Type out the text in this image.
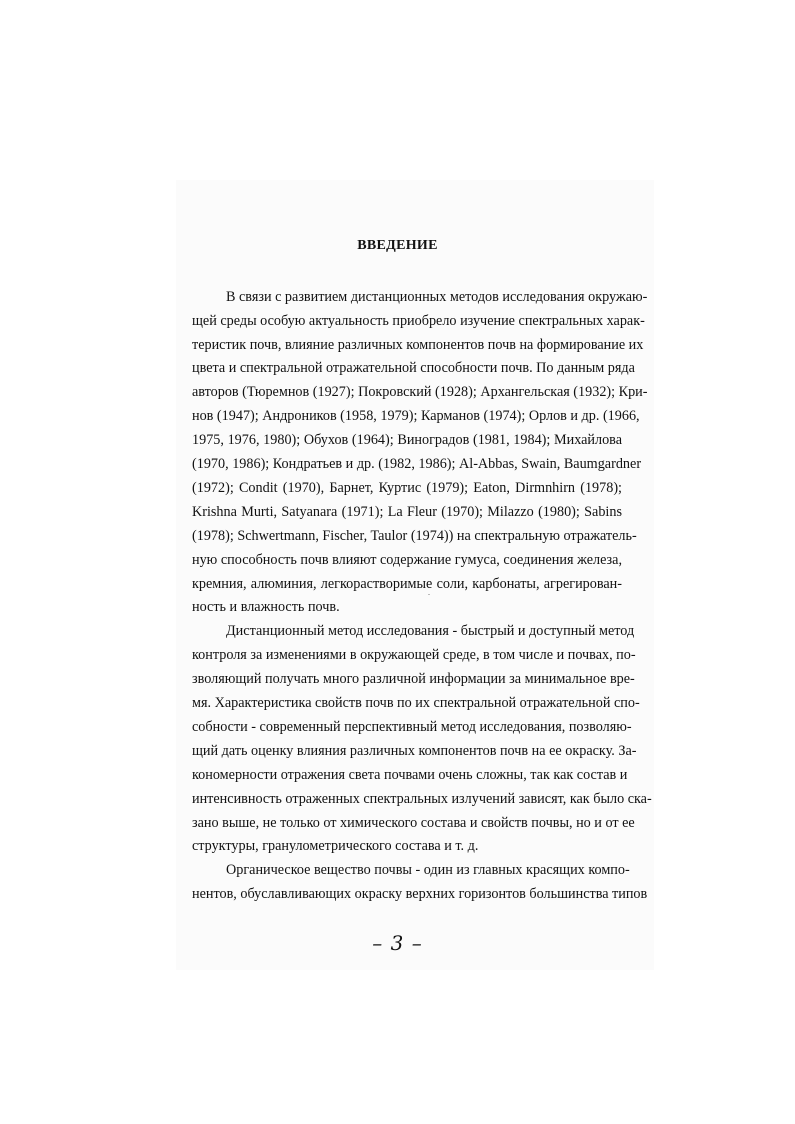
ВВЕДЕНИЕ
В связи с развитием дистанционных методов исследования окружаю-
щей среды особую актуальность приобрело изучение спектральных харак-
теристик почв, влияние различных компонентов почв на формирование их
цвета и спектральной отражательной способности почв. По данным ряда
авторов (Тюремнов (1927); Покровский (1928); Архангельская (1932); Кри-
нов (1947); Андроников (1958, 1979); Карманов (1974); Орлов и др. (1966,
1975, 1976, 1980); Обухов (1964); Виноградов (1981, 1984); Михайлова
(1970, 1986); Кондратьев и др. (1982, 1986); Al-Abbas, Swain, Baumgardner
(1972); Condit (1970), Барнет, Куртис (1979); Eaton, Dirmnhirn (1978);
Krishna Murti, Satyanara (1971); La Fleur (1970); Milazzo (1980); Sabins
(1978); Schwertmann, Fischer, Taulor (1974)) на спектральную отражатель-
ную способность почв влияют содержание гумуса, соединения железа,
кремния, алюминия, легкорастворимые соли, карбонаты, агрегирован-
ность и влажность почв.
Дистанционный метод исследования - быстрый и доступный метод
контроля за изменениями в окружающей среде, в том числе и почвах, по-
зволяющий получать много различной информации за минимальное вре-
мя. Характеристика свойств почв по их спектральной отражательной спо-
собности - современный перспективный метод исследования, позволяю-
щий дать оценку влияния различных компонентов почв на ее окраску. За-
кономерности отражения света почвами очень сложны, так как состав и
интенсивность отраженных спектральных излучений зависят, как было ска-
зано выше, не только от химического состава и свойств почвы, но и от ее
структуры, гранулометрического состава и т. д.
Органическое вещество почвы - один из главных красящих компо-
нентов, обуславливающих окраску верхних горизонтов большинства типов
– 3 –
